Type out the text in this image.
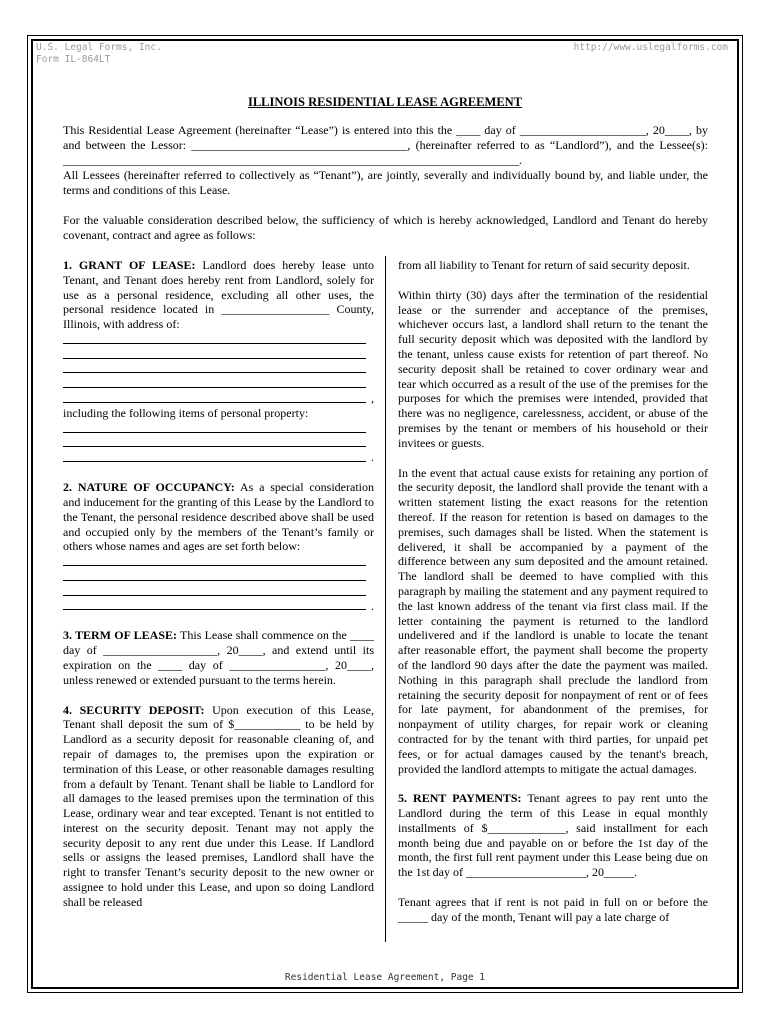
U.S. Legal Forms, Inc.
Form IL-864LT
http://www.uslegalforms.com
ILLINOIS RESIDENTIAL LEASE AGREEMENT

This Residential Lease Agreement (hereinafter “Lease”) is entered into this the ____ day of _____________________, 20____, by and between the Lessor: ____________________________________, (hereinafter referred to as “Landlord”), and the Lessee(s): ____________________________________________________________________________.
All Lessees (hereinafter referred to collectively as “Tenant”), are jointly, severally and individually bound by, and liable under, the terms and conditions of this Lease.

For the valuable consideration described below, the sufficiency of which is hereby acknowledged, Landlord and Tenant do hereby covenant, contract and agree as follows:

1. GRANT OF LEASE: Landlord does hereby lease unto Tenant, and Tenant does hereby rent from Landlord, solely for use as a personal residence, excluding all other uses, the personal residence located in __________________ County, Illinois, with address of:

,

including the following items of personal property:

.

2. NATURE OF OCCUPANCY: As a special consideration and inducement for the granting of this Lease by the Landlord to the Tenant, the personal residence described above shall be used and occupied only by the members of the Tenant’s family or others whose names and ages are set forth below:

.

3. TERM OF LEASE: This Lease shall commence on the ____ day of ___________________, 20____, and extend until its expiration on the ____ day of ________________, 20____, unless renewed or extended pursuant to the terms herein.

4. SECURITY DEPOSIT: Upon execution of this Lease, Tenant shall deposit the sum of $___________ to be held by Landlord as a security deposit for reasonable cleaning of, and repair of damages to, the premises upon the expiration or termination of this Lease, or other reasonable damages resulting from a default by Tenant. Tenant shall be liable to Landlord for all damages to the leased premises upon the termination of this Lease, ordinary wear and tear excepted. Tenant is not entitled to interest on the security deposit. Tenant may not apply the security deposit to any rent due under this Lease. If Landlord sells or assigns the leased premises, Landlord shall have the right to transfer Tenant’s security deposit to the new owner or assignee to hold under this Lease, and upon so doing Landlord shall be released

from all liability to Tenant for return of said security deposit.

Within thirty (30) days after the termination of the residential lease or the surrender and acceptance of the premises, whichever occurs last, a landlord shall return to the tenant the full security deposit which was deposited with the landlord by the tenant, unless cause exists for retention of part thereof. No security deposit shall be retained to cover ordinary wear and tear which occurred as a result of the use of the premises for the purposes for which the premises were intended, provided that there was no negligence, carelessness, accident, or abuse of the premises by the tenant or members of his household or their invitees or guests.

In the event that actual cause exists for retaining any portion of the security deposit, the landlord shall provide the tenant with a written statement listing the exact reasons for the retention thereof. If the reason for retention is based on damages to the premises, such damages shall be listed. When the statement is delivered, it shall be accompanied by a payment of the difference between any sum deposited and the amount retained. The landlord shall be deemed to have complied with this paragraph by mailing the statement and any payment required to the last known address of the tenant via first class mail. If the letter containing the payment is returned to the landlord undelivered and if the landlord is unable to locate the tenant after reasonable effort, the payment shall become the property of the landlord 90 days after the date the payment was mailed. Nothing in this paragraph shall preclude the landlord from retaining the security deposit for nonpayment of rent or of fees for late payment, for abandonment of the premises, for nonpayment of utility charges, for repair work or cleaning contracted for by the tenant with third parties, for unpaid pet fees, or for actual damages caused by the tenant's breach, provided the landlord attempts to mitigate the actual damages.

5. RENT PAYMENTS: Tenant agrees to pay rent unto the Landlord during the term of this Lease in equal monthly installments of $_____________, said installment for each month being due and payable on or before the 1st day of the month, the first full rent payment under this Lease being due on the 1st day of ____________________, 20_____.

Tenant agrees that if rent is not paid in full on or before the _____ day of the month, Tenant will pay a late charge of

Residential Lease Agreement, Page 1
